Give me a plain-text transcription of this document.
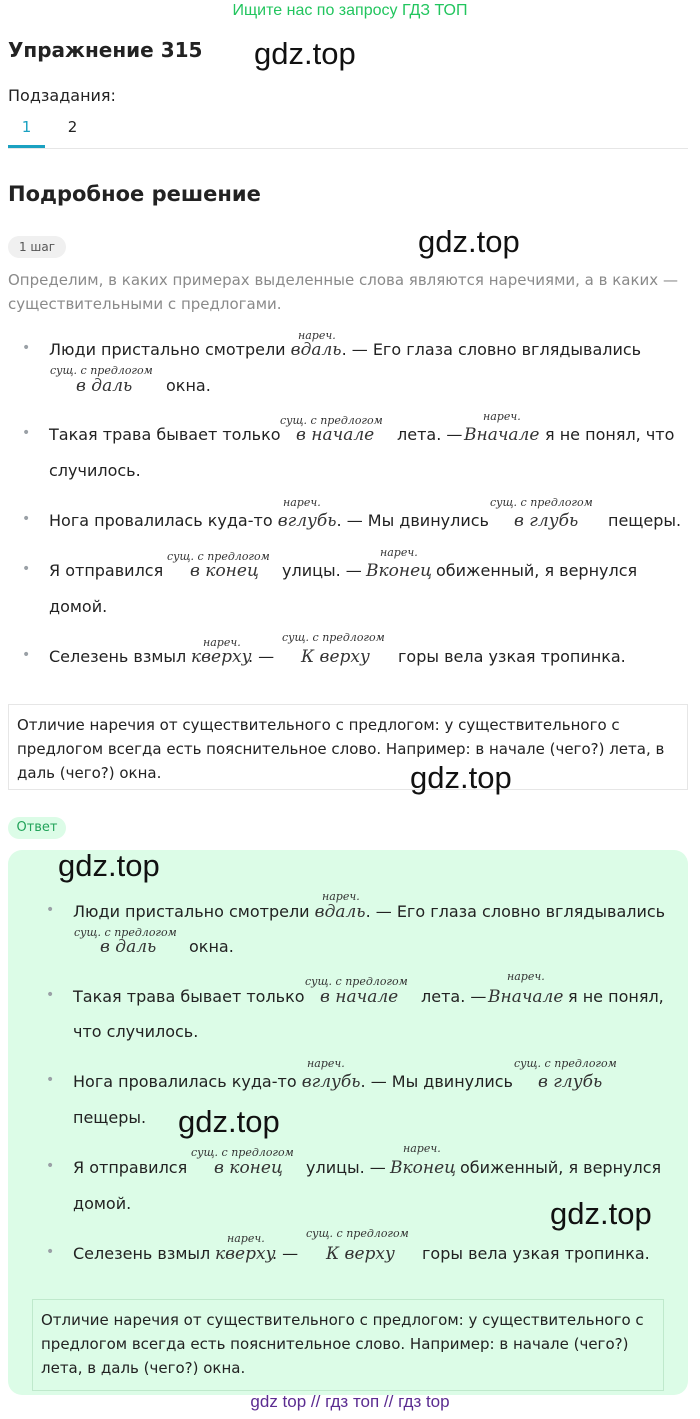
Ищите нас по запросу ГДЗ ТОП
Упражнение 315 gdz.top
Подзадания:
1	2
Подробное решение
1 шаг	gdz.top
Определим, в каких примерах выделенные слова являются наречиями, а в каких — существительными с предлогами.
• Люди пристально смотрели вдаль. — Его глаза словно вглядывались
нареч.
сущ. с предлогом
в даль окна.
• Такая трава бывает только
сущ. с предлогом
в начале лета. —
нареч.
Вначале я не понял, что
случилось.
• Нога провалилась куда-то вглубь. — Мы двинулись
нареч.	сущ. с предлогом
в глубь пещеры.
• Я отправился
сущ. с предлогом
в конец улицы. —
нареч.
Вконец обиженный, я вернулся
домой.
• Селезень взмыл
нареч.
кверху
. —
сущ. с предлогом
К верху горы вела узкая тропинка.
Отличие наречия от существительного с предлогом: у существительного с предлогом всегда есть пояснительное слово. Например: в начале (чего?) лета, в даль (чего?) окна.	gdz.top
Ответ
gdz.top
• Люди пристально смотрели вдаль. — Его глаза словно вглядывались
нареч.
сущ. с предлогом
в даль окна.
• Такая трава бывает только
сущ. с предлогом
в начале лета. —
нареч.
Вначале я не понял,
что случилось.
• Нога провалилась куда-то вглубь. — Мы двинулись
нареч.	сущ. с предлогом
в глубь
пещеры. gdz.top
• Я отправился
сущ. с предлогом
в конец улицы. —
нареч.
Вконец обиженный, я вернулся
домой.	gdz.top
• Селезень взмыл
нареч.
кверху
. —
сущ. с предлогом
К верху горы вела узкая тропинка.
Отличие наречия от существительного с предлогом: у существительного с предлогом всегда есть пояснительное слово. Например: в начале (чего?) лета, в даль (чего?) окна.
gdz top // гдз топ // гдз top
